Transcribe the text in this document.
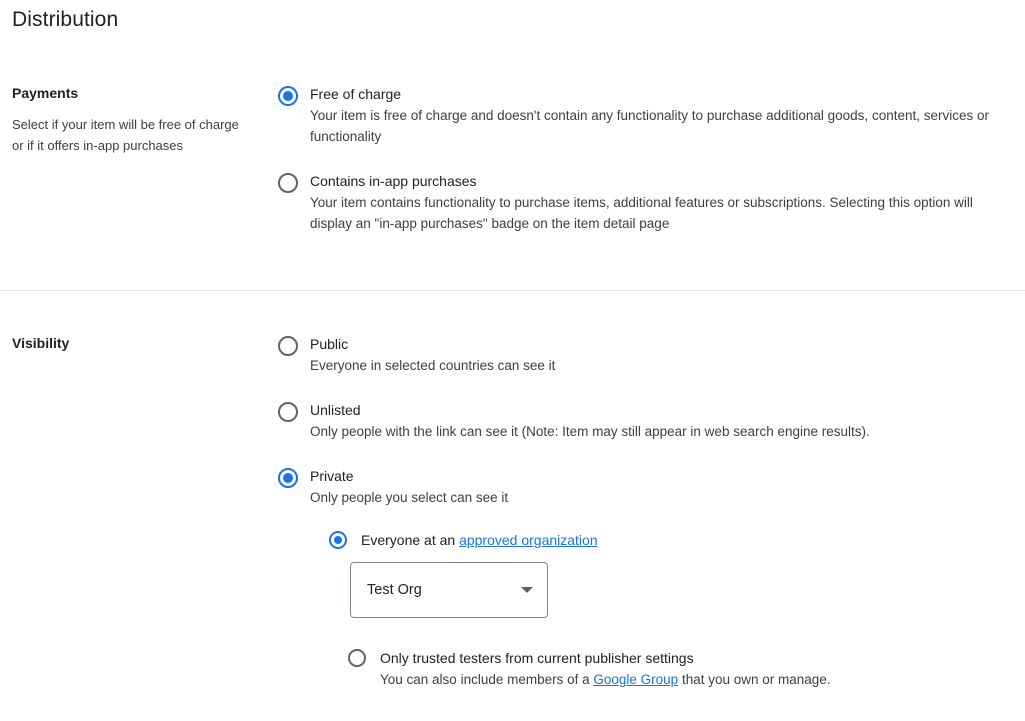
Distribution
Payments
Select if your item will be free of charge or if it offers in-app purchases
Free of charge
Your item is free of charge and doesn't contain any functionality to purchase additional goods, content, services or functionality
Contains in-app purchases
Your item contains functionality to purchase items, additional features or subscriptions. Selecting this option will display an "in-app purchases" badge on the item detail page
Visibility	Public
Everyone in selected countries can see it
Unlisted
Only people with the link can see it (Note: Item may still appear in web search engine results).
Private
Only people you select can see it
Everyone at an approved organization
Test Org
Only trusted testers from current publisher settings
You can also include members of a Google Group that you own or manage.
